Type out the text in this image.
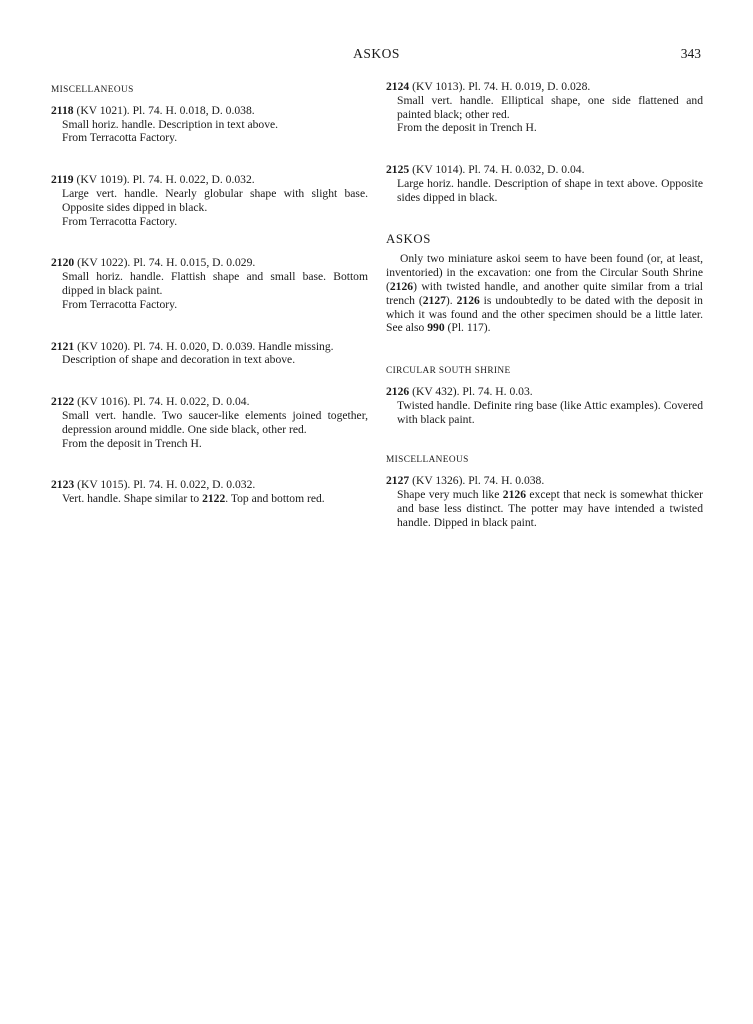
ASKOS	343
MISCELLANEOUS

2118 (KV 1021). Pl. 74. H. 0.018, D. 0.038.

Small horiz. handle. Description in text above.

From Terracotta Factory.

2119 (KV 1019). Pl. 74. H. 0.022, D. 0.032.

Large vert. handle. Nearly globular shape with slight base. Opposite sides dipped in black.

From Terracotta Factory.

2120 (KV 1022). Pl. 74. H. 0.015, D. 0.029.

Small horiz. handle. Flattish shape and small base. Bottom dipped in black paint.

From Terracotta Factory.

2121 (KV 1020). Pl. 74. H. 0.020, D. 0.039. Handle missing.

Description of shape and decoration in text above.

2122 (KV 1016). Pl. 74. H. 0.022, D. 0.04.

Small vert. handle. Two saucer-like elements joined together, depression around middle. One side black, other red.

From the deposit in Trench H.

2123 (KV 1015). Pl. 74. H. 0.022, D. 0.032.

Vert. handle. Shape similar to 2122. Top and bottom red.

2124 (KV 1013). Pl. 74. H. 0.019, D. 0.028.

Small vert. handle. Elliptical shape, one side flattened and painted black; other red.

From the deposit in Trench H.

2125 (KV 1014). Pl. 74. H. 0.032, D. 0.04.

Large horiz. handle. Description of shape in text above. Opposite sides dipped in black.

ASKOS

Only two miniature askoi seem to have been found (or, at least, inventoried) in the excavation: one from the Circular South Shrine (2126) with twisted handle, and another quite similar from a trial trench (2127). 2126 is undoubtedly to be dated with the deposit in which it was found and the other specimen should be a little later. See also 990 (Pl. 117).

CIRCULAR SOUTH SHRINE

2126 (KV 432). Pl. 74. H. 0.03.

Twisted handle. Definite ring base (like Attic examples). Covered with black paint.

MISCELLANEOUS

2127 (KV 1326). Pl. 74. H. 0.038.

Shape very much like 2126 except that neck is somewhat thicker and base less distinct. The potter may have intended a twisted handle. Dipped in black paint.
